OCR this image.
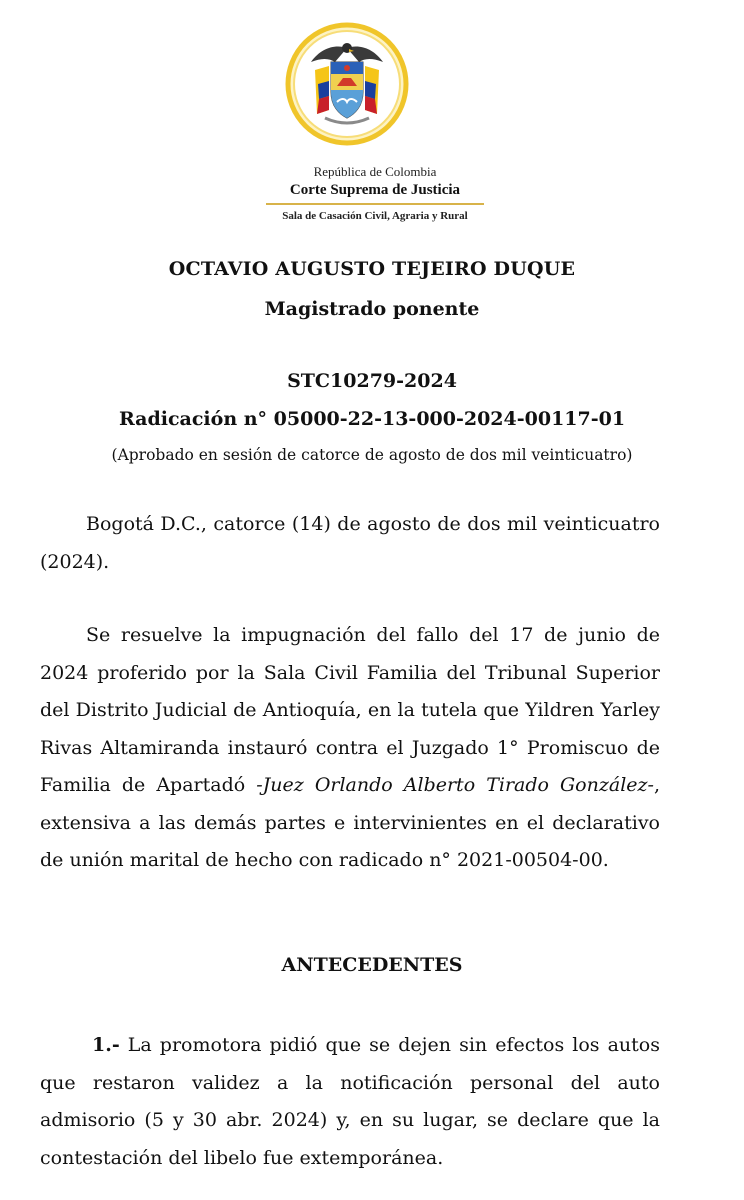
República de Colombia
Corte Suprema de Justicia
Sala de Casación Civil, Agraria y Rural
OCTAVIO AUGUSTO TEJEIRO DUQUE
Magistrado ponente
STC10279-2024
Radicación n° 05000-22-13-000-2024-00117-01
(Aprobado en sesión de catorce de agosto de dos mil veinticuatro)

Bogotá D.C., catorce (14) de agosto de dos mil veinticuatro (2024).

Se resuelve la impugnación del fallo del 17 de junio de 2024 proferido por la Sala Civil Familia del Tribunal Superior del Distrito Judicial de Antioquía, en la tutela que Yildren Yarley Rivas Altamiranda instauró contra el Juzgado 1° Promiscuo de Familia de Apartadó -Juez Orlando Alberto Tirado González-, extensiva a las demás partes e intervinientes en el declarativo de unión marital de hecho con radicado n° 2021-00504-00.

ANTECEDENTES

1.- La promotora pidió que se dejen sin efectos los autos que restaron validez a la notificación personal del auto admisorio (5 y 30 abr. 2024) y, en su lugar, se declare que la contestación del libelo fue extemporánea.
